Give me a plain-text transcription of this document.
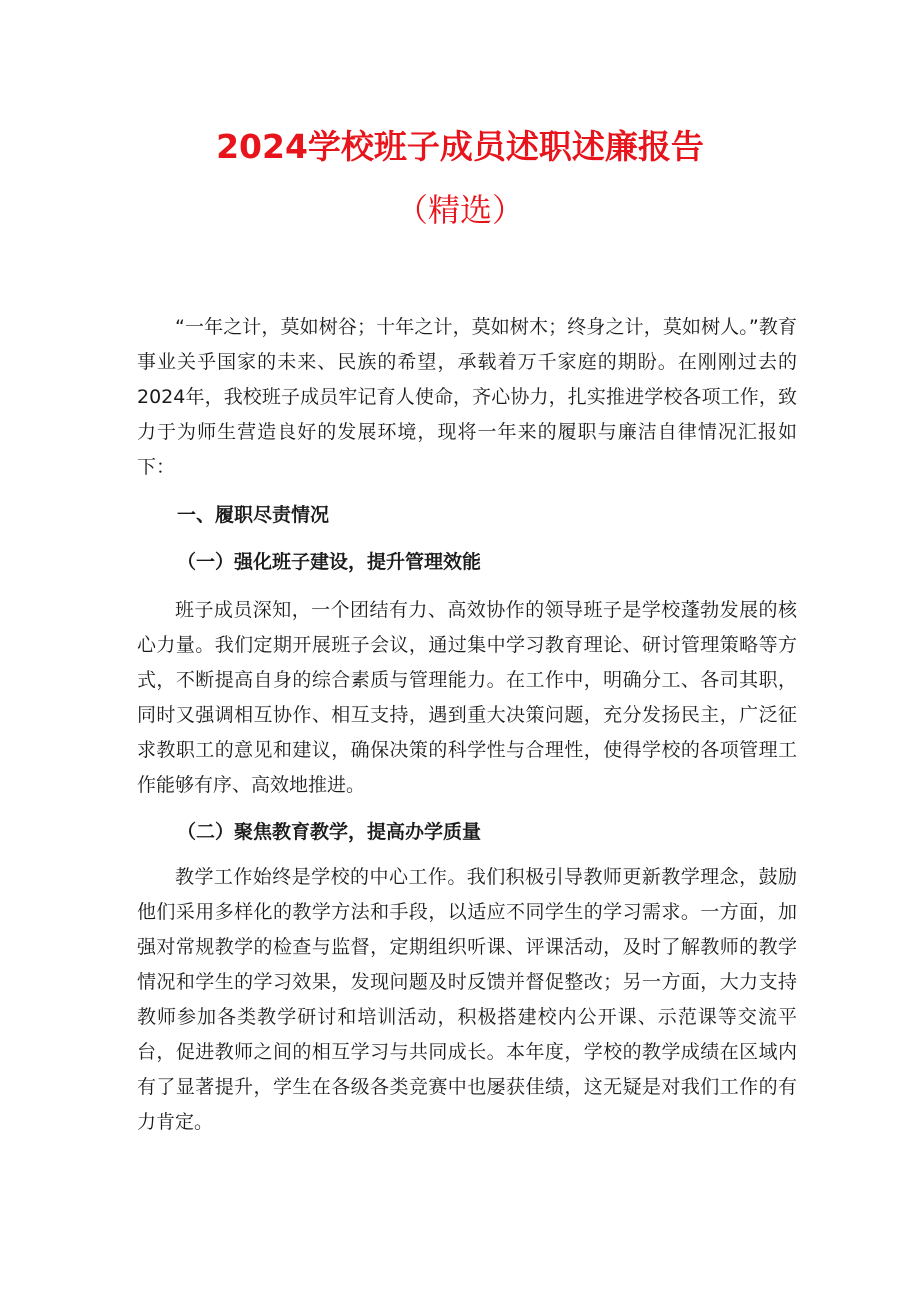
2024学校班子成员述职述廉报告
（精选）

“一年之计，莫如树谷；十年之计，莫如树木；终身之计，莫如树人。”教育事业关乎国家的未来、民族的希望，承载着万千家庭的期盼。在刚刚过去的2024年，我校班子成员牢记育人使命，齐心协力，扎实推进学校各项工作，致力于为师生营造良好的发展环境，现将一年来的履职与廉洁自律情况汇报如下：

一、履职尽责情况
（一）强化班子建设，提升管理效能

班子成员深知，一个团结有力、高效协作的领导班子是学校蓬勃发展的核心力量。我们定期开展班子会议，通过集中学习教育理论、研讨管理策略等方式，不断提高自身的综合素质与管理能力。在工作中，明确分工、各司其职，同时又强调相互协作、相互支持，遇到重大决策问题，充分发扬民主，广泛征求教职工的意见和建议，确保决策的科学性与合理性，使得学校的各项管理工作能够有序、高效地推进。

（二）聚焦教育教学，提高办学质量

教学工作始终是学校的中心工作。我们积极引导教师更新教学理念，鼓励他们采用多样化的教学方法和手段，以适应不同学生的学习需求。一方面，加强对常规教学的检查与监督，定期组织听课、评课活动，及时了解教师的教学情况和学生的学习效果，发现问题及时反馈并督促整改；另一方面，大力支持教师参加各类教学研讨和培训活动，积极搭建校内公开课、示范课等交流平台，促进教师之间的相互学习与共同成长。本年度，学校的教学成绩在区域内有了显著提升，学生在各级各类竞赛中也屡获佳绩，这无疑是对我们工作的有力肯定。
